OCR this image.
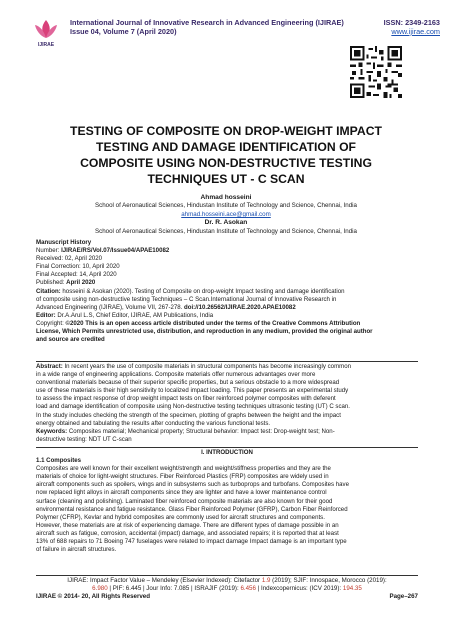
IJIRAE
International Journal of Innovative Research in Advanced Engineering (IJIRAE)	ISSN: 2349-2163
Issue 04, Volume 7 (April 2020)	www.ijirae.com
TESTING OF COMPOSITE ON DROP-WEIGHT IMPACT
TESTING AND DAMAGE IDENTIFICATION OF
COMPOSITE USING NON-DESTRUCTIVE TESTING
TECHNIQUES UT - C SCAN
Ahmad hosseini
School of Aeronautical Sciences, Hindustan Institute of Technology and Science, Chennai, India
ahmad.hosseini.ace@gmail.com
Dr. R. Asokan
School of Aeronautical Sciences, Hindustan Institute of Technology and Science, Chennai, India

Manuscript History

Number: IJIRAE/RS/Vol.07/Issue04/APAE10082

Received: 02, April 2020

Final Correction: 10, April 2020

Final Accepted: 14, April 2020

Published: April 2020

Citation: hosseini & Asokan (2020). Testing of Composite on drop-weight Impact testing and damage identification

of composite using non-destructive testing Techniques – C Scan.International Journal of Innovative Research in

Advanced Engineering (IJIRAE), Volume VII, 267-278. doi://10.26562/IJIRAE.2020.APAE10082

Editor: Dr.A.Arul L.S, Chief Editor, IJIRAE, AM Publications, India

Copyright: ©2020 This is an open access article distributed under the terms of the Creative Commons Attribution

License, Which Permits unrestricted use, distribution, and reproduction in any medium, provided the original author

and source are credited

Abstract: In recent years the use of composite materials in structural components has become increasingly common

in a wide range of engineering applications. Composite materials offer numerous advantages over more

conventional materials because of their superior specific properties, but a serious obstacle to a more widespread

use of these materials is their high sensitivity to localized impact loading. This paper presents an experimental study

to assess the impact response of drop weight impact tests on fiber reinforced polymer composites with deferent

load and damage identification of composite using Non-destructive testing techniques ultrasonic testing (UT) C scan.

In the study includes checking the strength of the specimen, plotting of graphs between the height and the impact

energy obtained and tabulating the results after conducting the various functional tests.

Keywords: Composites material; Mechanical property; Structural behavior: Impact test: Drop-weight test; Non-

destructive testing: NDT UT C-scan

I. INTRODUCTION

1.1 Composites

Composites are well known for their excellent weight/strength and weight/stiffness properties and they are the

materials of choice for light-weight structures. Fiber Reinforced Plastics (FRP) composites are widely used in

aircraft components such as spoilers, wings and in subsystems such as turboprops and turbofans. Composites have

now replaced light alloys in aircraft components since they are lighter and have a lower maintenance control

surface (cleaning and polishing). Laminated fiber reinforced composite materials are also known for their good

environmental resistance and fatigue resistance. Glass Fiber Reinforced Polymer (GFRP), Carbon Fiber Reinforced

Polymer (CFRP), Kevlar and hybrid composites are commonly used for aircraft structures and components.

However, these materials are at risk of experiencing damage. There are different types of damage possible in an

aircraft such as fatigue, corrosion, accidental (impact) damage, and associated repairs; it is reported that at least

13% of 688 repairs to 71 Boeing 747 fuselages were related to impact damage Impact damage is an important type

of failure in aircraft structures.

IJIRAE: Impact Factor Value – Mendeley (Elsevier Indexed): Citefactor 1.9 (2019); SJIF: Innospace, Morocco (2019):
6.980 | PIF: 6.445 | Jour Info: 7.085 | ISRAJIF (2019): 6.456 | Indexcopernicus: (ICV 2019): 194.35
IJIRAE © 2014- 20, All Rights Reserved	Page–267
